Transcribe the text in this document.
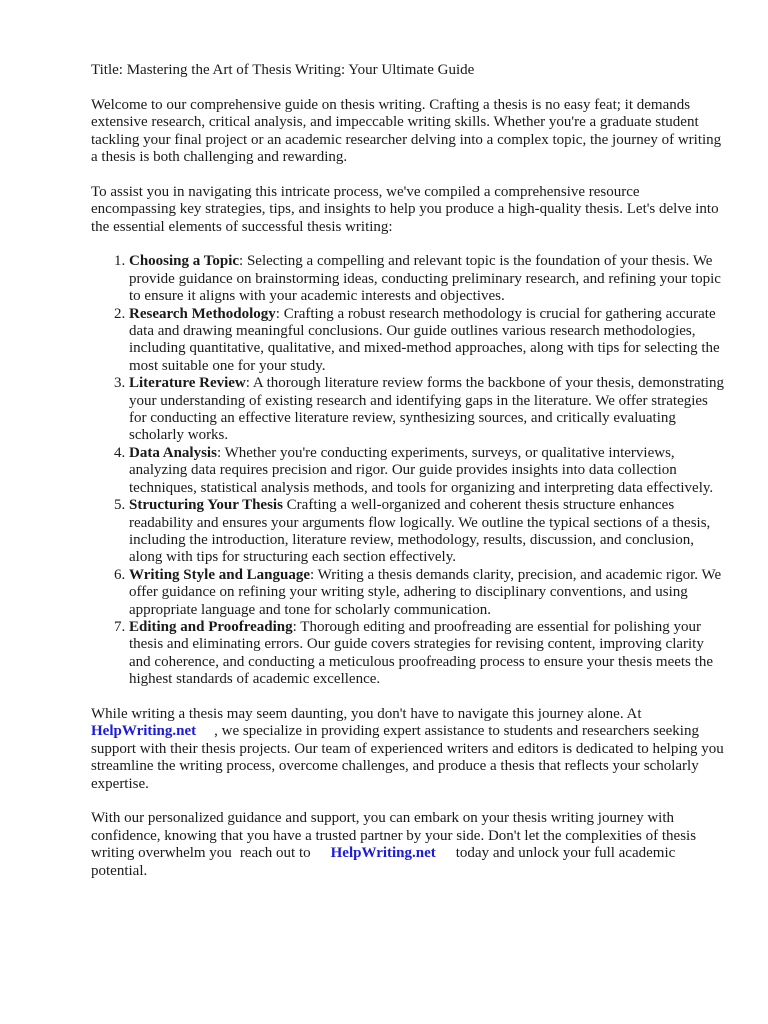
Title: Mastering the Art of Thesis Writing: Your Ultimate Guide

Welcome to our comprehensive guide on thesis writing. Crafting a thesis is no easy feat; it demands extensive research, critical analysis, and impeccable writing skills. Whether you're a graduate student tackling your final project or an academic researcher delving into a complex topic, the journey of writing a thesis is both challenging and rewarding.

To assist you in navigating this intricate process, we've compiled a comprehensive resource encompassing key strategies, tips, and insights to help you produce a high-quality thesis. Let's delve into the essential elements of successful thesis writing:

1. Choosing a Topic: Selecting a compelling and relevant topic is the foundation of your thesis. We provide guidance on brainstorming ideas, conducting preliminary research, and refining your topic to ensure it aligns with your academic interests and objectives.
2. Research Methodology: Crafting a robust research methodology is crucial for gathering accurate data and drawing meaningful conclusions. Our guide outlines various research methodologies, including quantitative, qualitative, and mixed-method approaches, along with tips for selecting the most suitable one for your study.
3. Literature Review: A thorough literature review forms the backbone of your thesis, demonstrating your understanding of existing research and identifying gaps in the literature. We offer strategies for conducting an effective literature review, synthesizing sources, and critically evaluating scholarly works.
4. Data Analysis: Whether you're conducting experiments, surveys, or qualitative interviews, analyzing data requires precision and rigor. Our guide provides insights into data collection techniques, statistical analysis methods, and tools for organizing and interpreting data effectively.
5. Structuring Your Thesis Crafting a well-organized and coherent thesis structure enhances readability and ensures your arguments flow logically. We outline the typical sections of a thesis, including the introduction, literature review, methodology, results, discussion, and conclusion, along with tips for structuring each section effectively.
6. Writing Style and Language: Writing a thesis demands clarity, precision, and academic rigor. We offer guidance on refining your writing style, adhering to disciplinary conventions, and using appropriate language and tone for scholarly communication.
7. Editing and Proofreading: Thorough editing and proofreading are essential for polishing your thesis and eliminating errors. Our guide covers strategies for revising content, improving clarity and coherence, and conducting a meticulous proofreading process to ensure your thesis meets the highest standards of academic excellence.

While writing a thesis may seem daunting, you don't have to navigate this journey alone. At HelpWriting.net , we specialize in providing expert assistance to students and researchers seeking support with their thesis projects. Our team of experienced writers and editors is dedicated to helping you streamline the writing process, overcome challenges, and produce a thesis that reflects your scholarly expertise.

With our personalized guidance and support, you can embark on your thesis writing journey with confidence, knowing that you have a trusted partner by your side. Don't let the complexities of thesis writing overwhelm you reach out to HelpWriting.net today and unlock your full academic potential.
